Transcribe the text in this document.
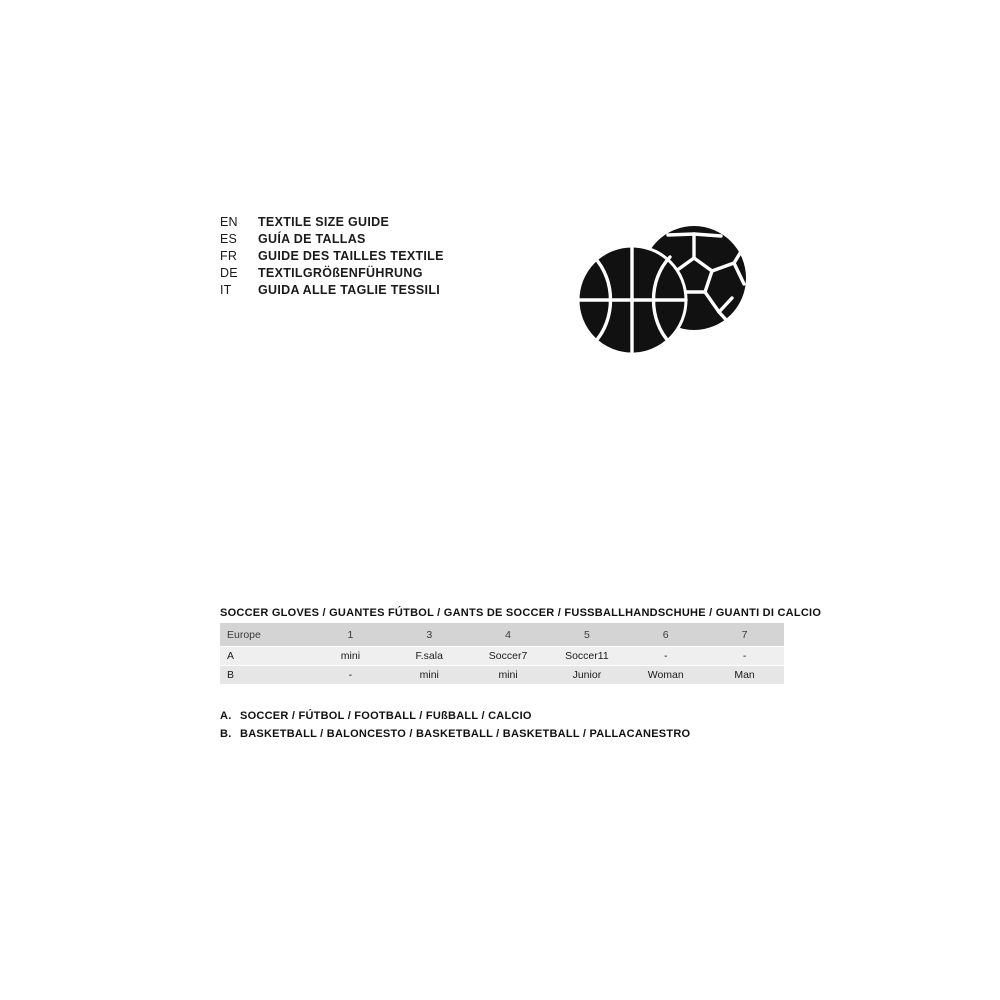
EN	TEXTILE SIZE GUIDE
ES	GUÍA DE TALLAS
FR	GUIDE DES TAILLES TEXTILE
DE	TEXTILGRÖßENFÜHRUNG
IT	GUIDA ALLE TAGLIE TESSILI
SOCCER GLOVES / GUANTES FÚTBOL / GANTS DE SOCCER / FUSSBALLHANDSCHUHE / GUANTI DI CALCIO
Europe	1	3	4	5	6	7
A	mini	F.sala	Soccer7	Soccer11	-	-
B	-	mini	mini	Junior	Woman	Man
A. SOCCER / FÚTBOL / FOOTBALL / FUßBALL / CALCIO
B. BASKETBALL / BALONCESTO / BASKETBALL / BASKETBALL / PALLACANESTRO
